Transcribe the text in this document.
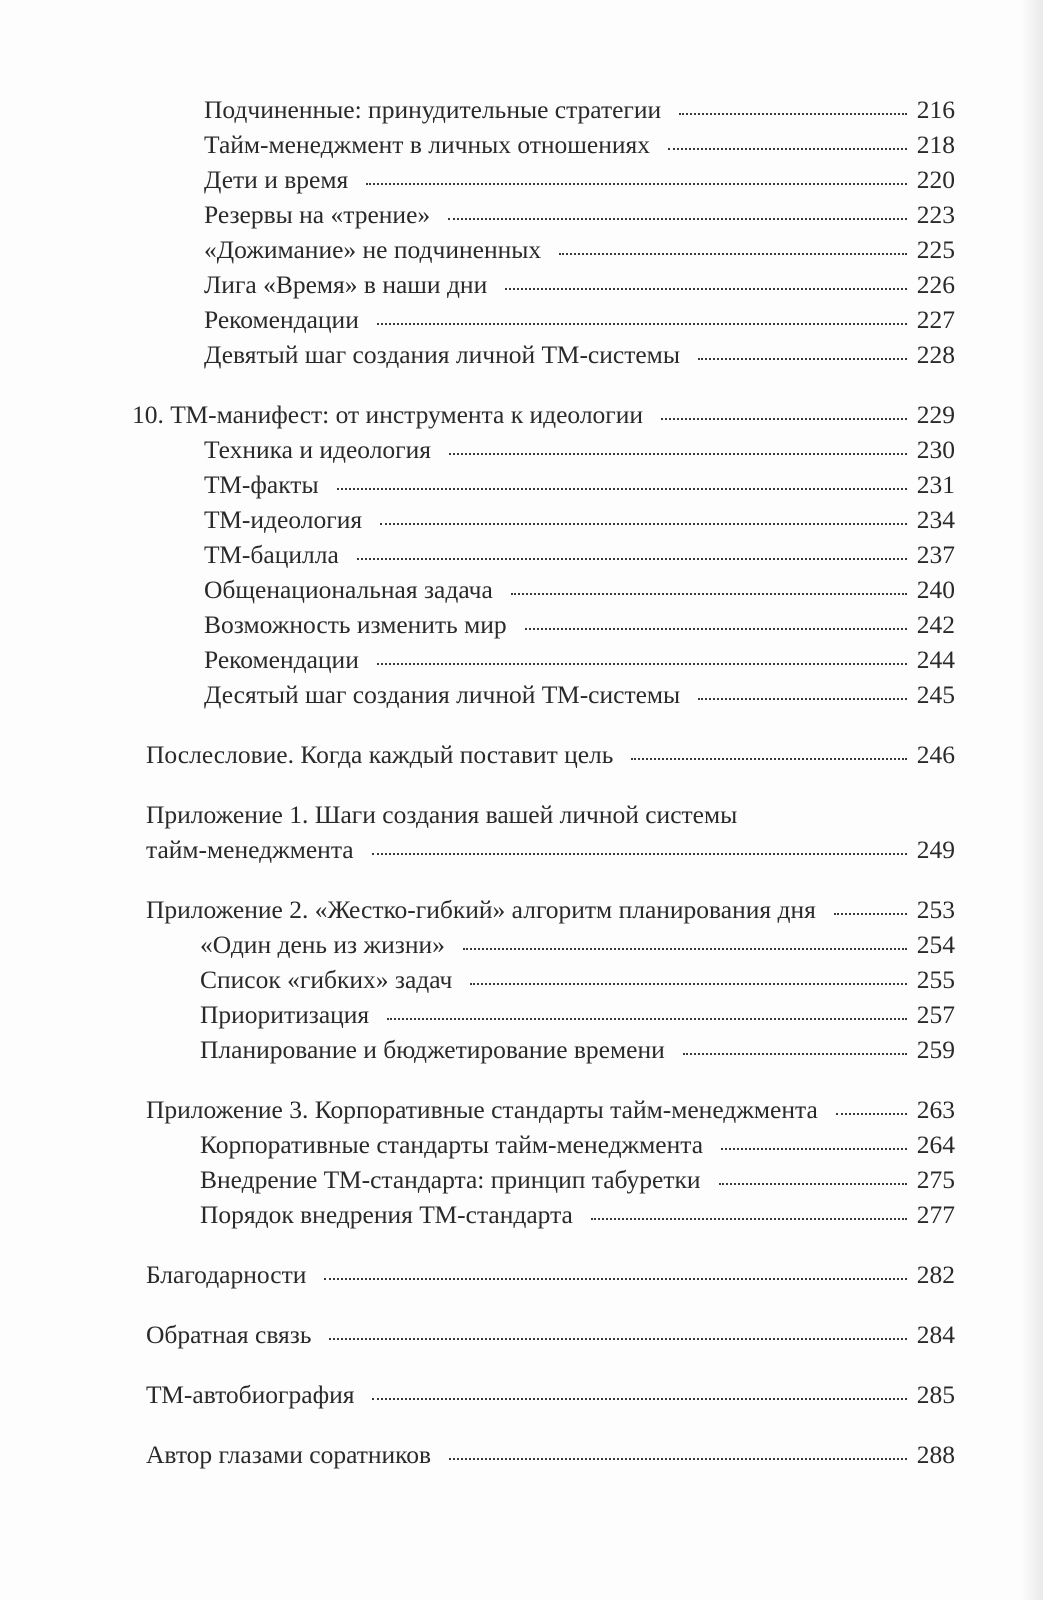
Подчиненные: принудительные стратегии	216
Тайм-менеджмент в личных отношениях	218
Дети и время	220
Резервы на «трение»	223
«Дожимание» не подчиненных	225
Лига «Время» в наши дни	226
Рекомендации	227
Девятый шаг создания личной ТМ-системы	228
10. ТМ-манифест: от инструмента к идеологии	229
Техника и идеология	230
ТМ-факты	231
ТМ-идеология	234
ТМ-бацилла	237
Общенациональная задача	240
Возможность изменить мир	242
Рекомендации	244
Десятый шаг создания личной ТМ-системы	245
Послесловие. Когда каждый поставит цель	246
Приложение 1. Шаги создания вашей личной системы
тайм-менеджмента	249
Приложение 2. «Жестко-гибкий» алгоритм планирования дня	253
«Один день из жизни»	254
Список «гибких» задач	255
Приоритизация	257
Планирование и бюджетирование времени	259
Приложение 3. Корпоративные стандарты тайм-менеджмента	263
Корпоративные стандарты тайм-менеджмента	264
Внедрение ТМ-стандарта: принцип табуретки	275
Порядок внедрения ТМ-стандарта	277
Благодарности	282
Обратная связь	284
ТМ-автобиография	285
Автор глазами соратников	288
